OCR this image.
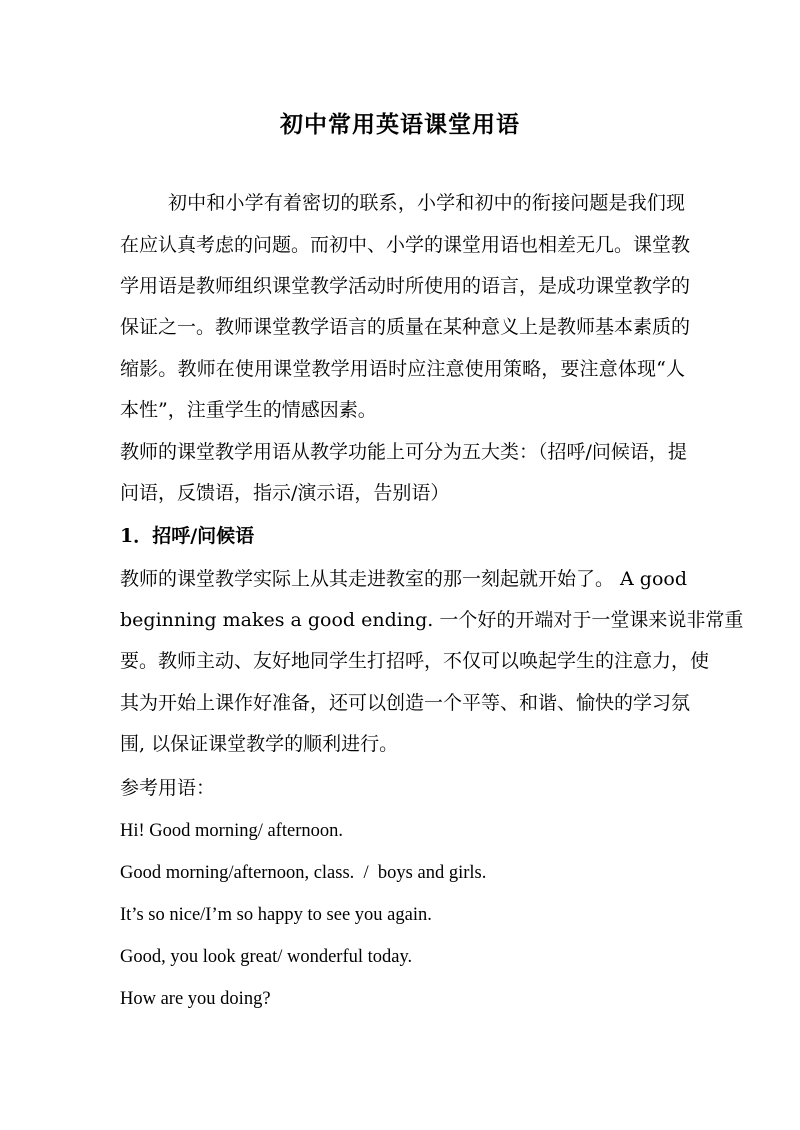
初中常用英语课堂用语

初中和小学有着密切的联系，小学和初中的衔接问题是我们现

在应认真考虑的问题。而初中、小学的课堂用语也相差无几。课堂教

学用语是教师组织课堂教学活动时所使用的语言，是成功课堂教学的

保证之一。教师课堂教学语言的质量在某种意义上是教师基本素质的

缩影。教师在使用课堂教学用语时应注意使用策略，要注意体现“人

本性”，注重学生的情感因素。

教师的课堂教学用语从教学功能上可分为五大类：（招呼/问候语，提

问语，反馈语，指示/演示语，告别语）

1．招呼/问候语

教师的课堂教学实际上从其走进教室的那一刻起就开始了。 A good

beginning makes a good ending. 一个好的开端对于一堂课来说非常重

要。教师主动、友好地同学生打招呼，不仅可以唤起学生的注意力，使

其为开始上课作好准备，还可以创造一个平等、和谐、愉快的学习氛

围, 以保证课堂教学的顺利进行。

参考用语：

Hi! Good morning/ afternoon.

Good morning/afternoon, class.  /  boys and girls.

It’s so nice/I’m so happy to see you again.

Good, you look great/ wonderful today.

How are you doing?
